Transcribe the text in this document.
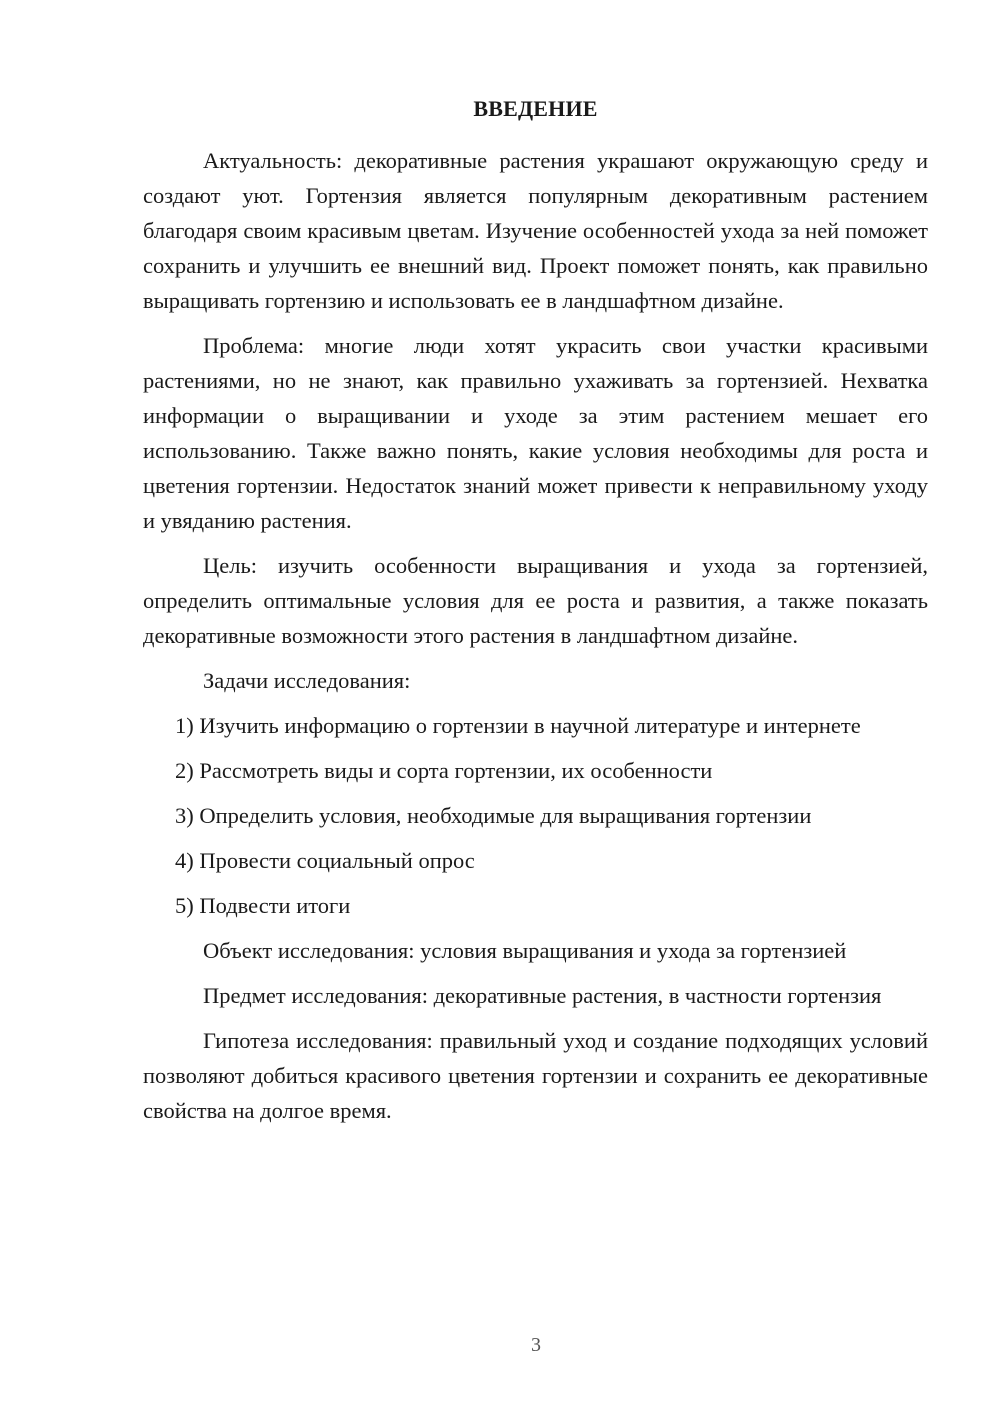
ВВЕДЕНИЕ

Актуальность: декоративные растения украшают окружающую среду и создают уют. Гортензия является популярным декоративным растением благодаря своим красивым цветам. Изучение особенностей ухода за ней поможет сохранить и улучшить ее внешний вид. Проект поможет понять, как правильно выращивать гортензию и использовать ее в ландшафтном дизайне.

Проблема: многие люди хотят украсить свои участки красивыми растениями, но не знают, как правильно ухаживать за гортензией. Нехватка информации о выращивании и уходе за этим растением мешает его использованию. Также важно понять, какие условия необходимы для роста и цветения гортензии. Недостаток знаний может привести к неправильному уходу и увяданию растения.

Цель: изучить особенности выращивания и ухода за гортензией, определить оптимальные условия для ее роста и развития, а также показать декоративные возможности этого растения в ландшафтном дизайне.

Задачи исследования:

1) Изучить информацию о гортензии в научной литературе и интернете

2) Рассмотреть виды и сорта гортензии, их особенности

3) Определить условия, необходимые для выращивания гортензии

4) Провести социальный опрос

5) Подвести итоги

Объект исследования: условия выращивания и ухода за гортензией

Предмет исследования: декоративные растения, в частности гортензия

Гипотеза исследования: правильный уход и создание подходящих условий позволяют добиться красивого цветения гортензии и сохранить ее декоративные свойства на долгое время.

3
